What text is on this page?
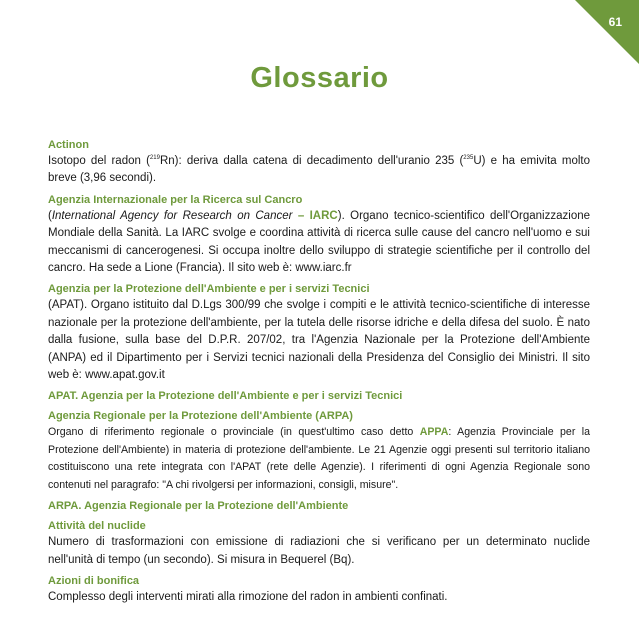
61
Glossario
Actinon
Isotopo del radon ($^{219}$Rn): deriva dalla catena di decadimento dell'uranio 235 ($^{235}$U) e ha emivita molto breve (3,96 secondi).
Agenzia Internazionale per la Ricerca sul Cancro
(International Agency for Research on Cancer – IARC). Organo tecnico-scientifico dell'Organizzazione Mondiale della Sanità. La IARC svolge e coordina attività di ricerca sulle cause del cancro nell'uomo e sui meccanismi di cancerogenesi. Si occupa inoltre dello sviluppo di strategie scientifiche per il controllo del cancro. Ha sede a Lione (Francia). Il sito web è: www.iarc.fr
Agenzia per la Protezione dell'Ambiente e per i servizi Tecnici
(APAT). Organo istituito dal D.Lgs 300/99 che svolge i compiti e le attività tecnico-scientifiche di interesse nazionale per la protezione dell'ambiente, per la tutela delle risorse idriche e della difesa del suolo. È nato dalla fusione, sulla base del D.P.R. 207/02, tra l'Agenzia Nazionale per la Protezione dell'Ambiente (ANPA) ed il Dipartimento per i Servizi tecnici nazionali della Presidenza del Consiglio dei Ministri. Il sito web è: www.apat.gov.it
APAT. Agenzia per la Protezione dell'Ambiente e per i servizi Tecnici
Agenzia Regionale per la Protezione dell'Ambiente (ARPA)
Organo di riferimento regionale o provinciale (in quest'ultimo caso detto APPA: Agenzia Provinciale per la Protezione dell'Ambiente) in materia di protezione dell'ambiente. Le 21 Agenzie oggi presenti sul territorio italiano costituiscono una rete integrata con l'APAT (rete delle Agenzie). I riferimenti di ogni Agenzia Regionale sono contenuti nel paragrafo: "A chi rivolgersi per informazioni, consigli, misure".
ARPA. Agenzia Regionale per la Protezione dell'Ambiente
Attività del nuclide
Numero di trasformazioni con emissione di radiazioni che si verificano per un determinato nuclide nell'unità di tempo (un secondo). Si misura in Bequerel (Bq).
Azioni di bonifica
Complesso degli interventi mirati alla rimozione del radon in ambienti confinati.
